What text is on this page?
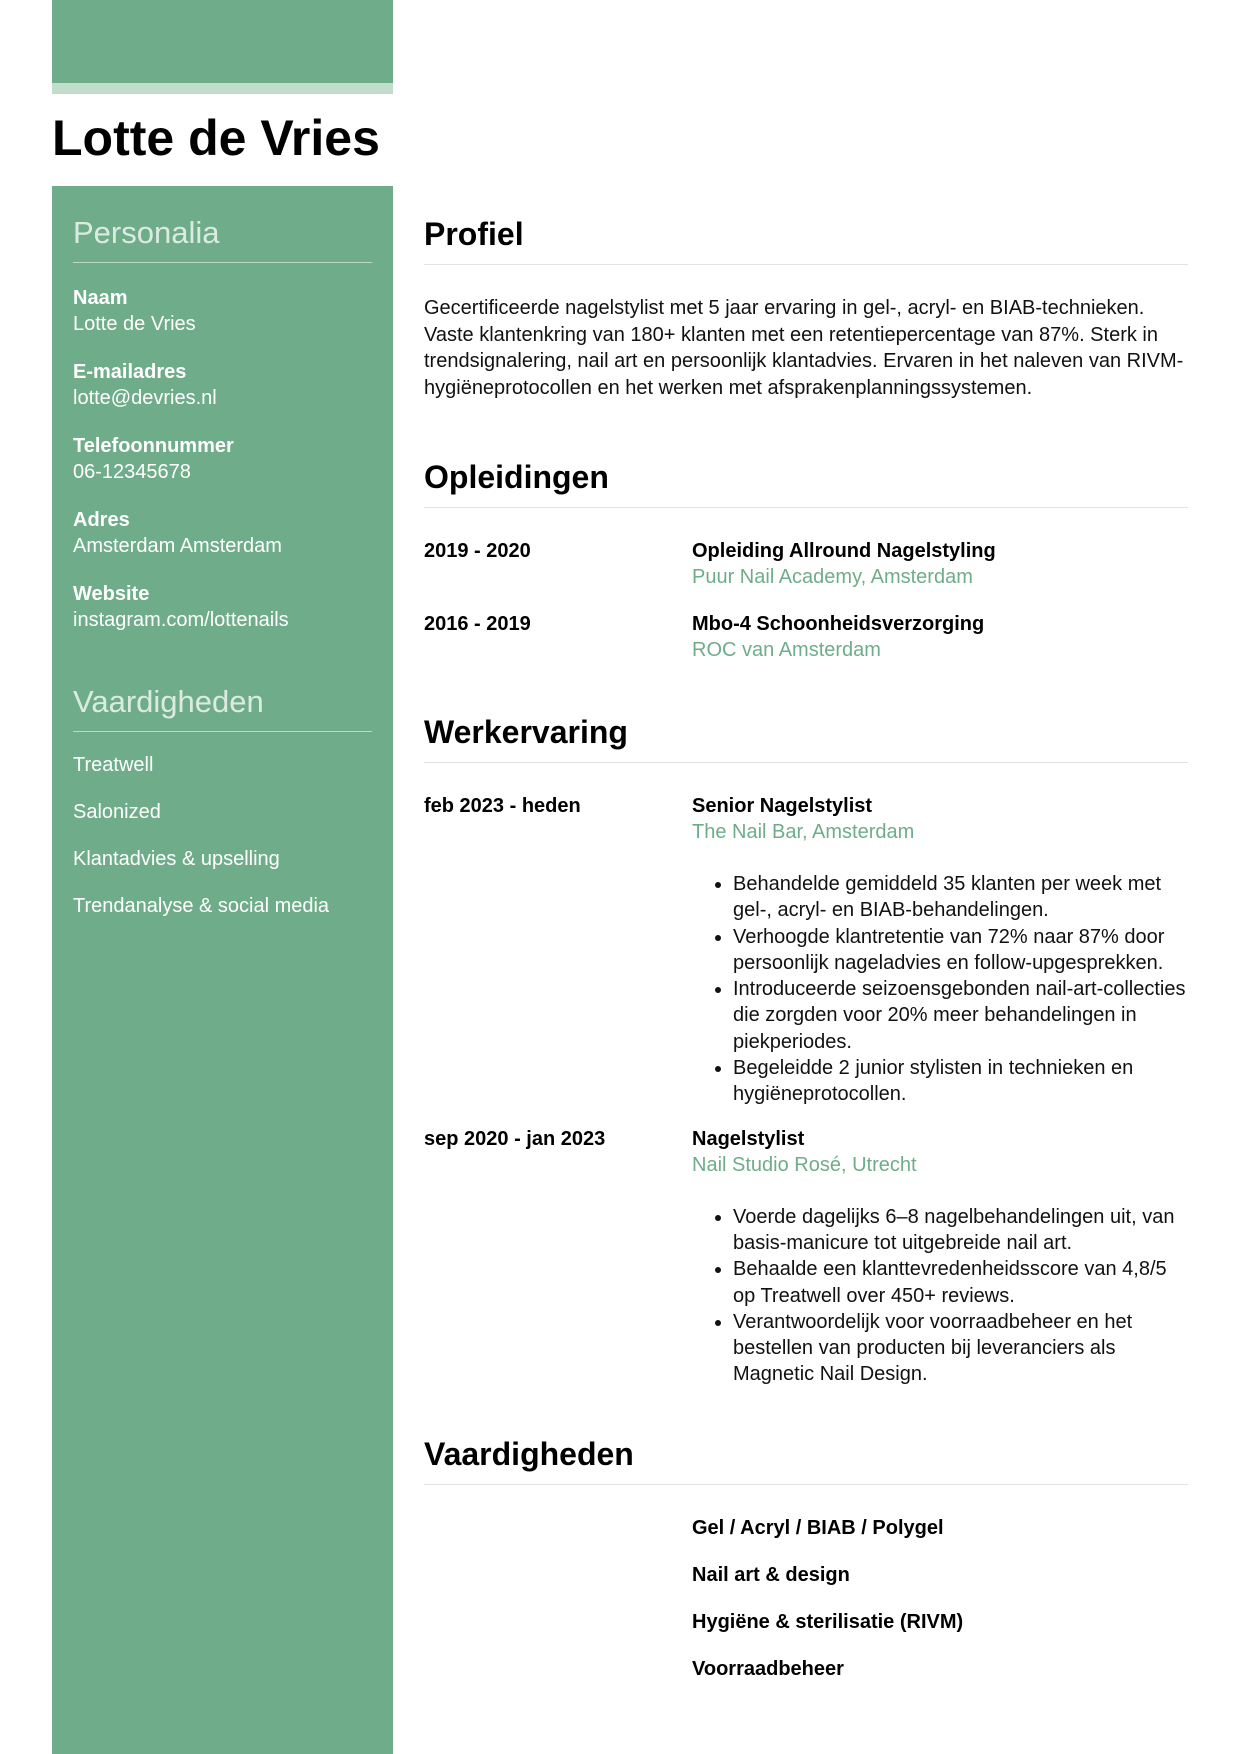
Lotte de Vries
Personalia
Naam
Lotte de Vries
E-mailadres
lotte@devries.nl
Telefoonnummer
06-12345678
Adres
Amsterdam Amsterdam
Website
instagram.com/lottenails
Vaardigheden
Treatwell
Salonized
Klantadvies & upselling
Trendanalyse & social media
Profiel

Gecertificeerde nagelstylist met 5 jaar ervaring in gel-, acryl- en BIAB-technieken. Vaste klantenkring van 180+ klanten met een retentiepercentage van 87%. Sterk in trendsignalering, nail art en persoonlijk klantadvies. Ervaren in het naleven van RIVM-hygiëneprotocollen en het werken met afsprakenplanningssystemen.

Opleidingen
2019 - 2020	Opleiding Allround Nagelstyling
Puur Nail Academy, Amsterdam
2016 - 2019	Mbo-4 Schoonheidsverzorging
ROC van Amsterdam
Werkervaring
feb 2023 - heden	Senior Nagelstylist
The Nail Bar, Amsterdam
• Behandelde gemiddeld 35 klanten per week met gel-, acryl- en BIAB-behandelingen.
• Verhoogde klantretentie van 72% naar 87% door persoonlijk nageladvies en follow-upgesprekken.
• Introduceerde seizoensgebonden nail-art-collecties die zorgden voor 20% meer behandelingen in piekperiodes.
• Begeleidde 2 junior stylisten in technieken en hygiëneprotocollen.
sep 2020 - jan 2023	Nagelstylist
Nail Studio Rosé, Utrecht
• Voerde dagelijks 6–8 nagelbehandelingen uit, van basis-manicure tot uitgebreide nail art.
• Behaalde een klanttevredenheidsscore van 4,8/5 op Treatwell over 450+ reviews.
• Verantwoordelijk voor voorraadbeheer en het bestellen van producten bij leveranciers als Magnetic Nail Design.
Vaardigheden
Gel / Acryl / BIAB / Polygel
Nail art & design
Hygiëne & sterilisatie (RIVM)
Voorraadbeheer
